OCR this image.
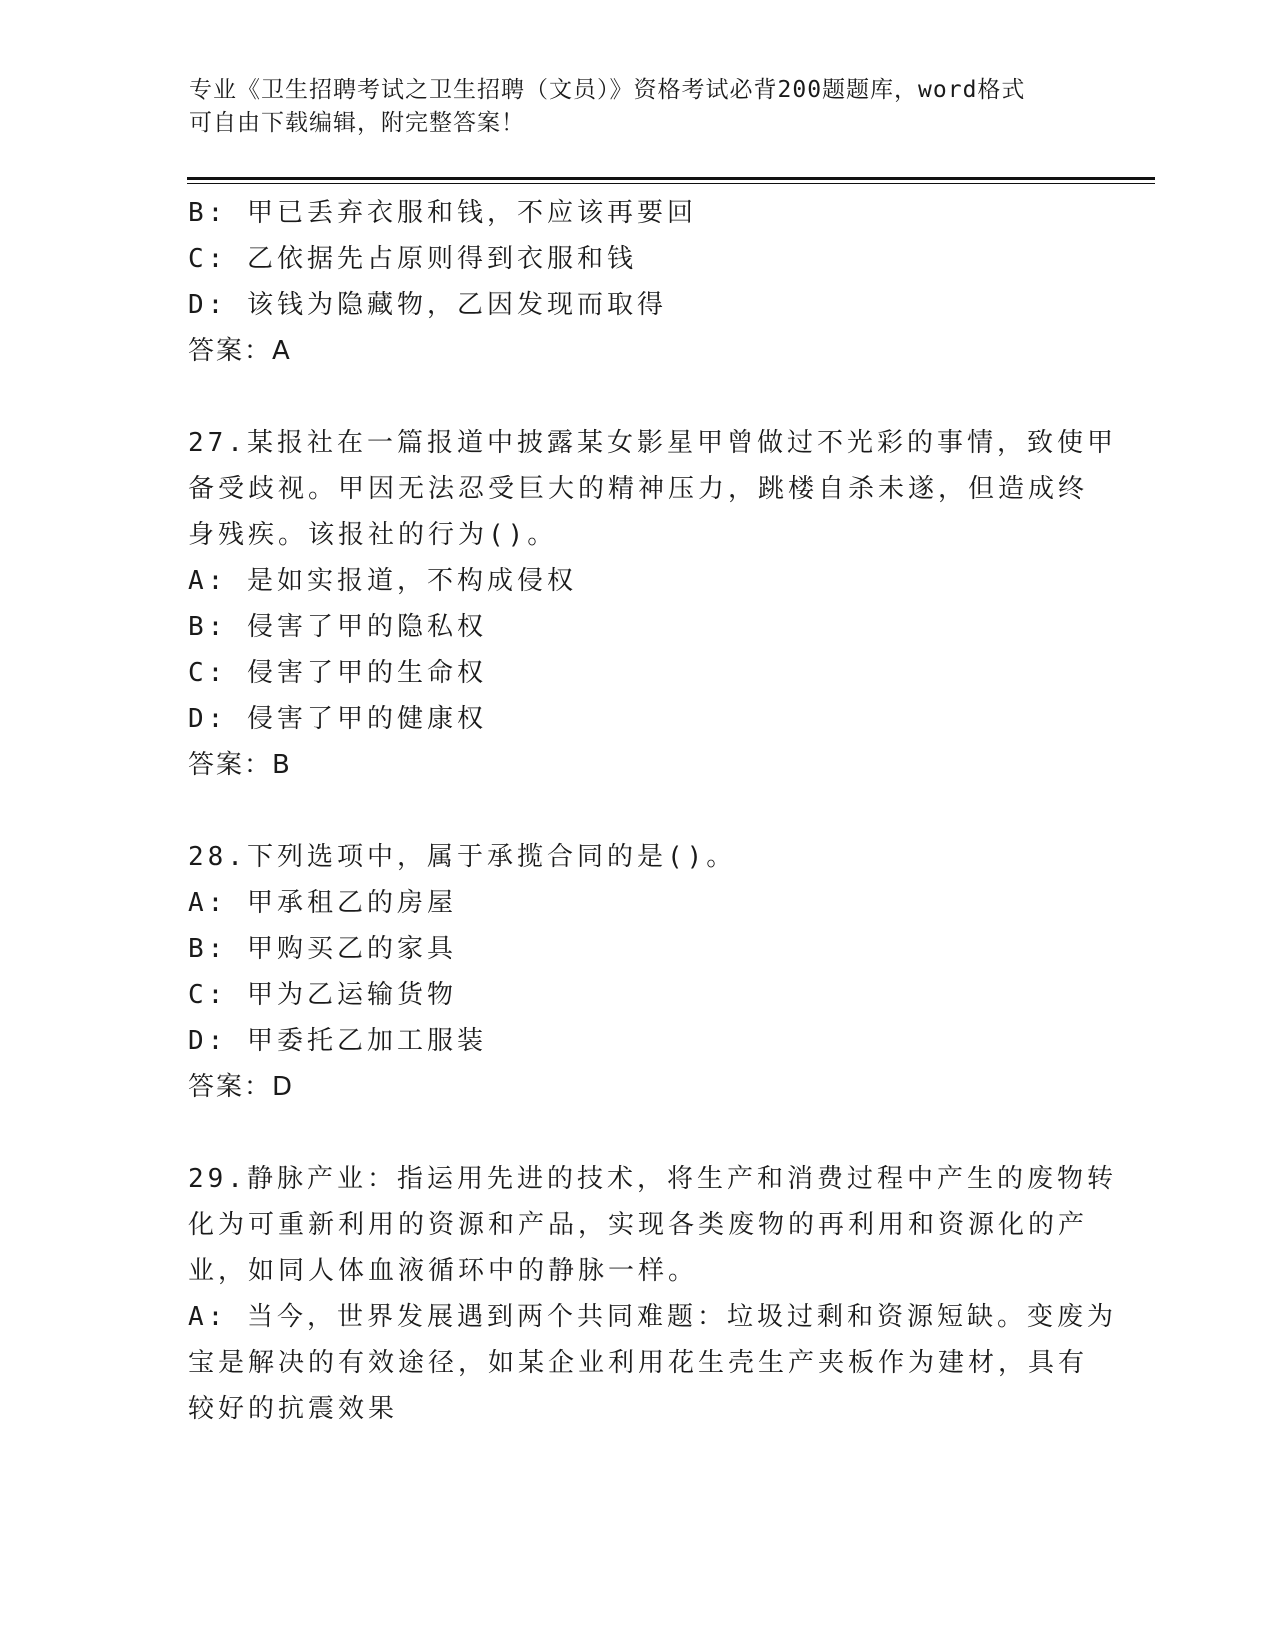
专业《卫生招聘考试之卫生招聘（文员）》资格考试必背200题题库，word格式
可自由下载编辑，附完整答案！
B: 甲已丢弃衣服和钱，不应该再要回
C: 乙依据先占原则得到衣服和钱
D: 该钱为隐藏物，乙因发现而取得
答案：A
27.某报社在一篇报道中披露某女影星甲曾做过不光彩的事情，致使甲
备受歧视。甲因无法忍受巨大的精神压力，跳楼自杀未遂，但造成终
身残疾。该报社的行为()。
A: 是如实报道，不构成侵权
B: 侵害了甲的隐私权
C: 侵害了甲的生命权
D: 侵害了甲的健康权
答案：B
28.下列选项中，属于承揽合同的是()。
A: 甲承租乙的房屋
B: 甲购买乙的家具
C: 甲为乙运输货物
D: 甲委托乙加工服装
答案：D
29.静脉产业：指运用先进的技术，将生产和消费过程中产生的废物转
化为可重新利用的资源和产品，实现各类废物的再利用和资源化的产
业，如同人体血液循环中的静脉一样。
A: 当今，世界发展遇到两个共同难题：垃圾过剩和资源短缺。变废为
宝是解决的有效途径，如某企业利用花生壳生产夹板作为建材，具有
较好的抗震效果
